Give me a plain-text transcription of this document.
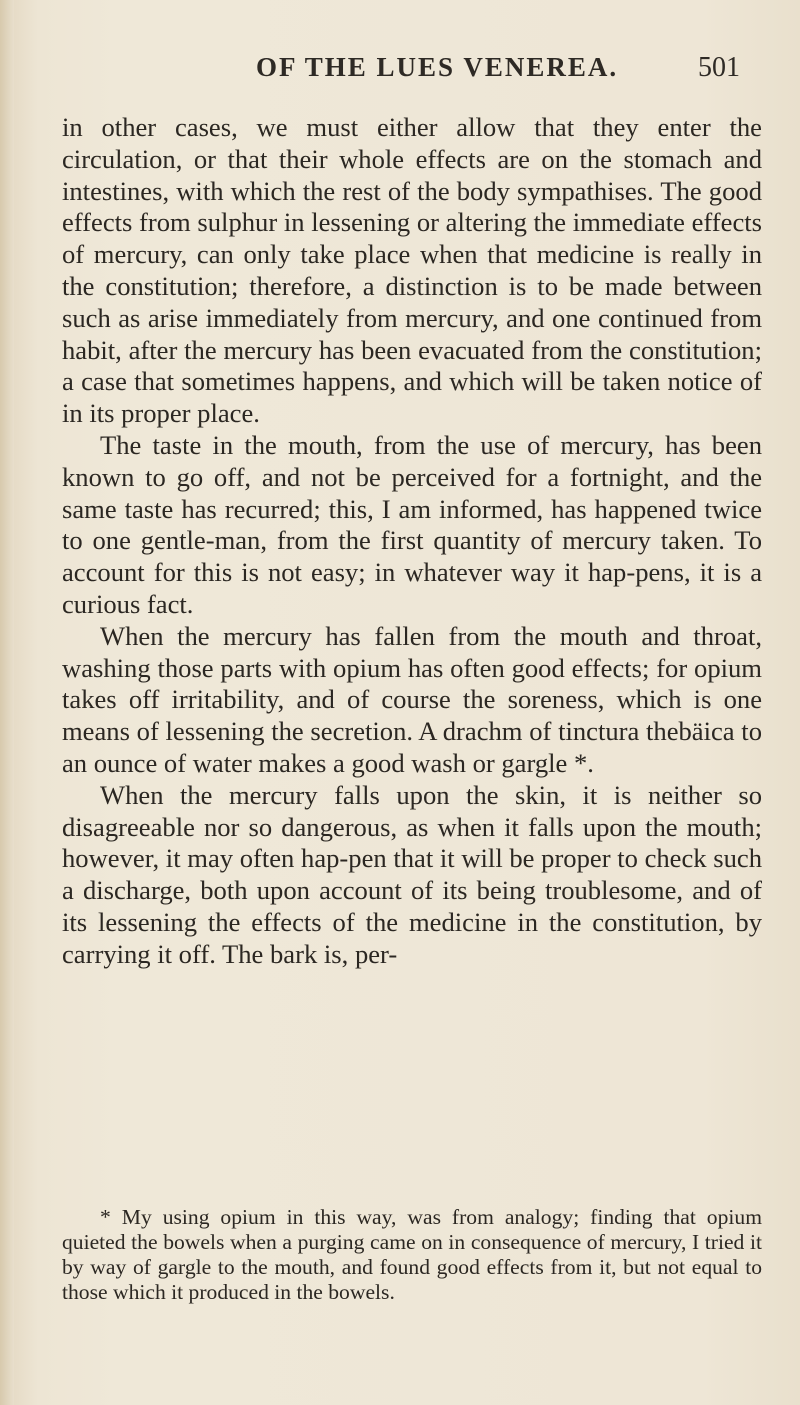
OF THE LUES VENEREA.	501

in other cases, we must either allow that they enter the circulation, or that their whole effects are on the stomach and intestines, with which the rest of the body sympathises. The good effects from sulphur in lessening or altering the immediate effects of mercury, can only take place when that medicine is really in the constitution; therefore, a distinction is to be made between such as arise immediately from mercury, and one continued from habit, after the mercury has been evacuated from the constitution; a case that sometimes happens, and which will be taken notice of in its proper place.

The taste in the mouth, from the use of mercury, has been known to go off, and not be perceived for a fortnight, and the same taste has recurred; this, I am informed, has happened twice to one gentle-man, from the first quantity of mercury taken. To account for this is not easy; in whatever way it hap-pens, it is a curious fact.

When the mercury has fallen from the mouth and throat, washing those parts with opium has often good effects; for opium takes off irritability, and of course the soreness, which is one means of lessening the secretion. A drachm of tinctura thebäica to an ounce of water makes a good wash or gargle *.

When the mercury falls upon the skin, it is neither so disagreeable nor so dangerous, as when it falls upon the mouth; however, it may often hap-pen that it will be proper to check such a discharge, both upon account of its being troublesome, and of its lessening the effects of the medicine in the constitution, by carrying it off. The bark is, per-

* My using opium in this way, was from analogy; finding that opium quieted the bowels when a purging came on in consequence of mercury, I tried it by way of gargle to the mouth, and found good effects from it, but not equal to those which it produced in the bowels.
